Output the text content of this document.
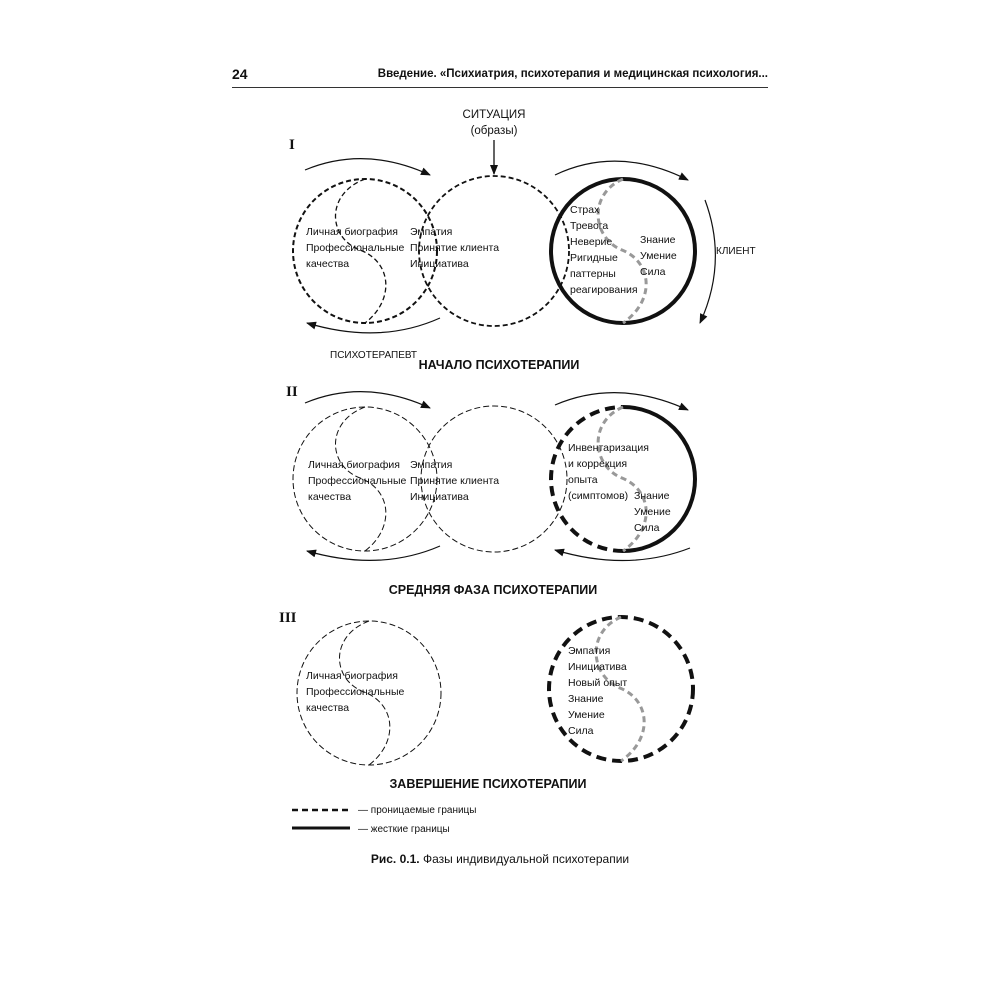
24	Введение. «Психиатрия, психотерапия и медицинская психология...
I
СИТУАЦИЯ
(образы)
КЛИЕНТ
ПСИХОТЕРАПЕВТ
Личная биография
Профессиональные
качества
Эмпатия
Принятие клиента
Инициатива
Страх
Тревога
Неверие
Ригидные
паттерны
реагирования
Знание
Умение
Сила
НАЧАЛО ПСИХОТЕРАПИИ
II
Личная биография
Профессиональные
качества
Эмпатия
Принятие клиента
Инициатива
Инвентаризация
и коррекция
опыта
(симптомов) Знание
Умение
Сила
СРЕДНЯЯ ФАЗА ПСИХОТЕРАПИИ
III
Личная биография
Профессиональные
качества
Эмпатия
Инициатива
Новый опыт
Знание
Умение
Сила
ЗАВЕРШЕНИЕ ПСИХОТЕРАПИИ
— проницаемые границы
— жесткие границы
Рис. 0.1. Фазы индивидуальной психотерапии
